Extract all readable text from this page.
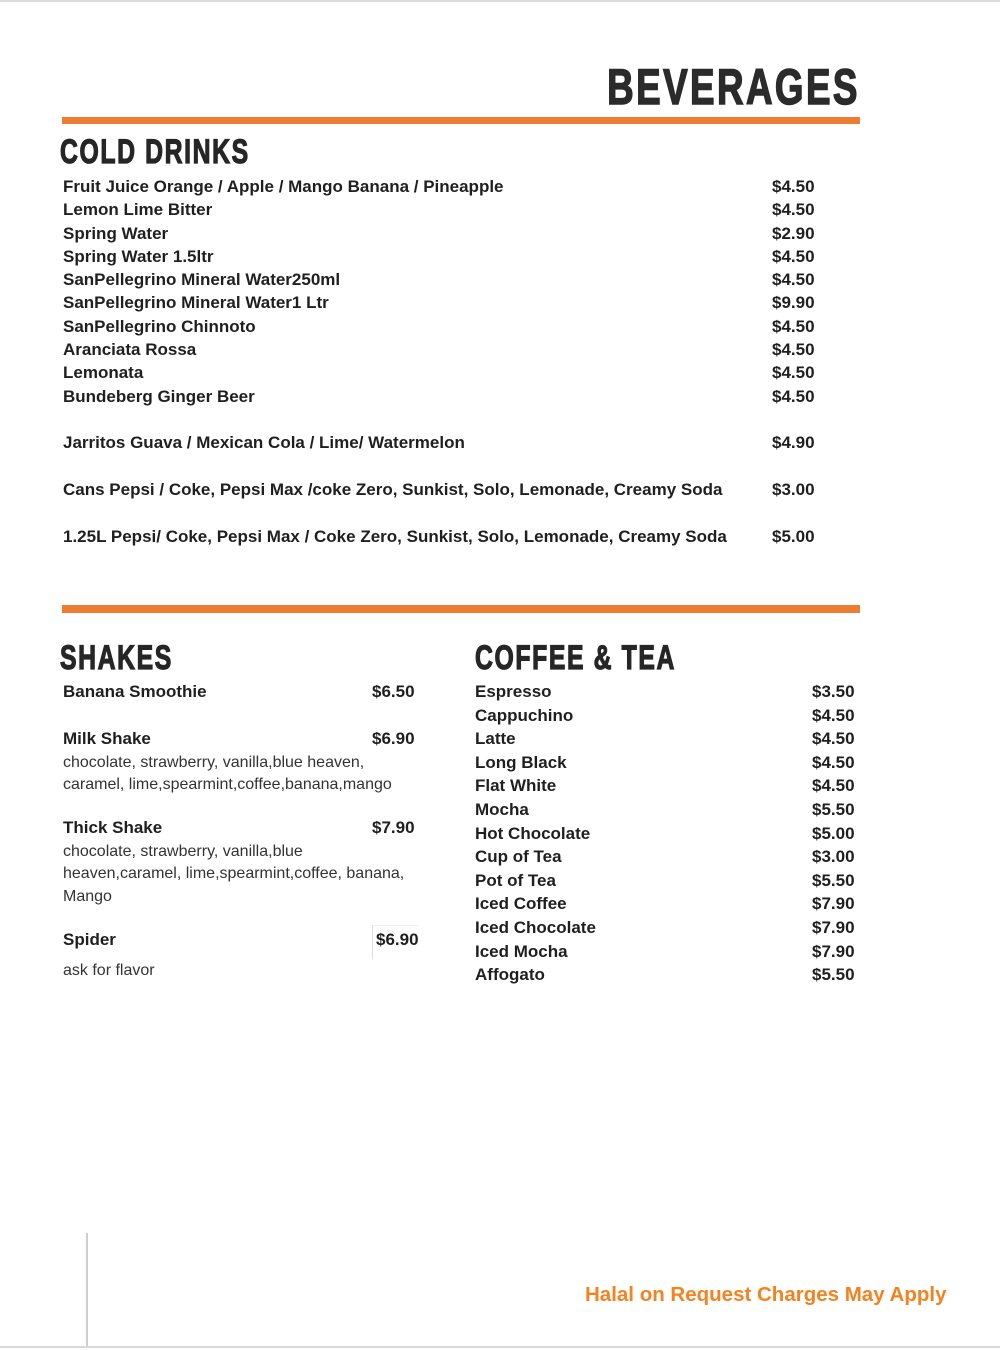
BEVERAGES
COLD DRINKS
Fruit Juice Orange / Apple / Mango Banana / Pineapple	$4.50
Lemon Lime Bitter	$4.50
Spring Water	$2.90
Spring Water 1.5ltr	$4.50
SanPellegrino Mineral Water250ml	$4.50
SanPellegrino Mineral Water1 Ltr	$9.90
SanPellegrino Chinnoto	$4.50
Aranciata Rossa	$4.50
Lemonata	$4.50
Bundeberg Ginger Beer	$4.50
Jarritos Guava / Mexican Cola / Lime/ Watermelon	$4.90
Cans Pepsi / Coke, Pepsi Max /coke Zero, Sunkist, Solo, Lemonade, Creamy Soda	$3.00
1.25L Pepsi/ Coke, Pepsi Max / Coke Zero, Sunkist, Solo, Lemonade, Creamy Soda	$5.00
SHAKES
Banana Smoothie	$6.50
Milk Shake	$6.90
chocolate, strawberry, vanilla,blue heaven, caramel, lime,spearmint,coffee,banana,mango
Thick Shake	$7.90
chocolate, strawberry, vanilla,blue heaven,caramel, lime,spearmint,coffee, banana, Mango
Spider	$6.90
ask for flavor
COFFEE & TEA
Espresso	$3.50
Cappuchino	$4.50
Latte	$4.50
Long Black	$4.50
Flat White	$4.50
Mocha	$5.50
Hot Chocolate	$5.00
Cup of Tea	$3.00
Pot of Tea	$5.50
Iced Coffee	$7.90
Iced Chocolate	$7.90
Iced Mocha	$7.90
Affogato	$5.50
Halal on Request Charges May Apply
